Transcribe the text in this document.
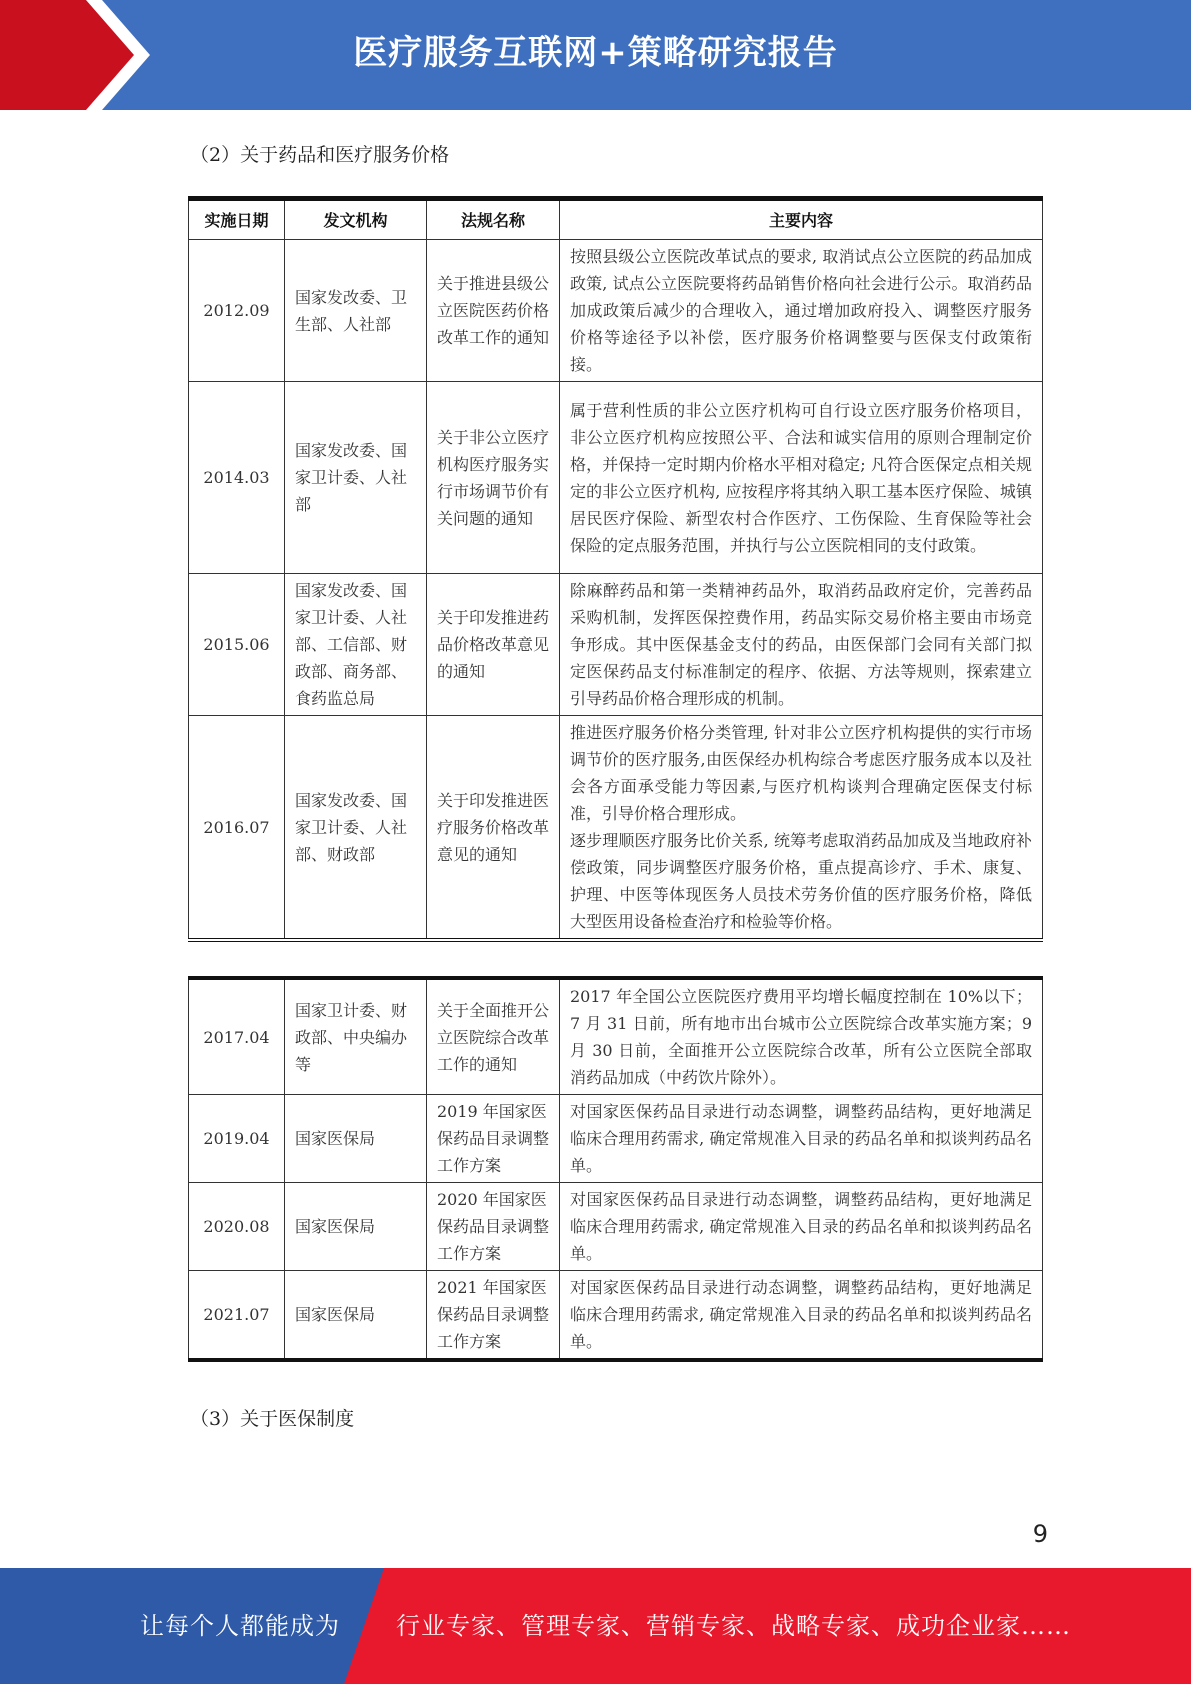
医疗服务互联网+策略研究报告
（2）关于药品和医疗服务价格
实施日期	发文机构	法规名称	主要内容
2012.09	国家发改委、卫生部、人社部	关于推进县级公立医院医药价格改革工作的通知	按照县级公立医院改革试点的要求, 取消试点公立医院的药品加成政策, 试点公立医院要将药品销售价格向社会进行公示。取消药品加成政策后减少的合理收入，通过增加政府投入、调整医疗服务价格等途径予以补偿，医疗服务价格调整要与医保支付政策衔接。

2014.03	国家发改委、国家卫计委、人社部	关于非公立医疗机构医疗服务实行市场调节价有关问题的通知	属于营利性质的非公立医疗机构可自行设立医疗服务价格项目，非公立医疗机构应按照公平、合法和诚实信用的原则合理制定价格，并保持一定时期内价格水平相对稳定; 凡符合医保定点相关规定的非公立医疗机构, 应按程序将其纳入职工基本医疗保险、城镇居民医疗保险、新型农村合作医疗、工伤保险、生育保险等社会保险的定点服务范围，并执行与公立医院相同的支付政策。

2015.06	国家发改委、国家卫计委、人社部、工信部、财政部、商务部、食药监总局	关于印发推进药品价格改革意见的通知	除麻醉药品和第一类精神药品外，取消药品政府定价，完善药品采购机制，发挥医保控费作用，药品实际交易价格主要由市场竞争形成。其中医保基金支付的药品，由医保部门会同有关部门拟定医保药品支付标准制定的程序、依据、方法等规则，探索建立引导药品价格合理形成的机制。

2016.07	国家发改委、国家卫计委、人社部、财政部	关于印发推进医疗服务价格改革意见的通知	推进医疗服务价格分类管理, 针对非公立医疗机构提供的实行市场调节价的医疗服务,由医保经办机构综合考虑医疗服务成本以及社会各方面承受能力等因素,与医疗机构谈判合理确定医保支付标准，引导价格合理形成。
逐步理顺医疗服务比价关系, 统筹考虑取消药品加成及当地政府补偿政策，同步调整医疗服务价格，重点提高诊疗、手术、康复、护理、中医等体现医务人员技术劳务价值的医疗服务价格，降低大型医用设备检查治疗和检验等价格。
2017.04	国家卫计委、财政部、中央编办等	关于全面推开公立医院综合改革工作的通知	2017 年全国公立医院医疗费用平均增长幅度控制在 10%以下；7 月 31 日前，所有地市出台城市公立医院综合改革实施方案；9 月 30 日前，全面推开公立医院综合改革，所有公立医院全部取消药品加成（中药饮片除外）。

2019.04	国家医保局	2019 年国家医保药品目录调整工作方案	对国家医保药品目录进行动态调整，调整药品结构，更好地满足临床合理用药需求, 确定常规准入目录的药品名单和拟谈判药品名单。

2020.08	国家医保局	2020 年国家医保药品目录调整工作方案	对国家医保药品目录进行动态调整，调整药品结构，更好地满足临床合理用药需求, 确定常规准入目录的药品名单和拟谈判药品名单。

2021.07	国家医保局	2021 年国家医保药品目录调整工作方案	对国家医保药品目录进行动态调整，调整药品结构，更好地满足临床合理用药需求, 确定常规准入目录的药品名单和拟谈判药品名单。
（3）关于医保制度
9
让每个人都能成为 行业专家、管理专家、营销专家、战略专家、成功企业家……
